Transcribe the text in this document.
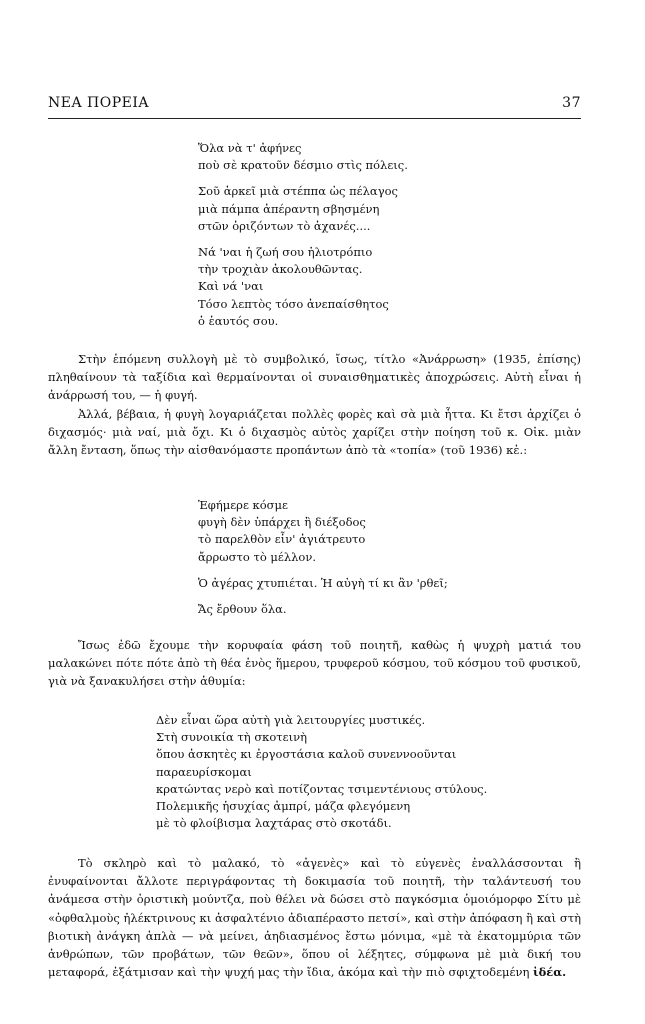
ΝΕΑ ΠΟΡΕΙΑ	37
Ὅλα νὰ τ' ἀφήνες
ποὺ σὲ κρατοῦν δέσμιο στὶς πόλεις.
Σοῦ ἀρκεῖ μιὰ στέππα ὡς πέλαγος
μιὰ πάμπα ἀπέραντη σβησμένη
στῶν ὁριζόντων τὸ ἀχανές....
Νά 'ναι ἡ ζωή σου ἡλιοτρόπιο
τὴν τροχιὰν ἀκολουθῶντας.
Καὶ νά 'ναι
Τόσο λεπτὸς τόσο ἀνεπαίσθητος
ὁ ἑαυτός σου.

Στὴν ἑπόμενη συλλογὴ μὲ τὸ συμβολικό, ἴσως, τίτλο «Ἀνάρρωση» (1935, ἐπίσης) πληθαίνουν τὰ ταξίδια καὶ θερμαίνονται οἱ συναισθηματικὲς ἀποχρώσεις. Αὐτὴ εἶναι ἡ ἀνάρρωσή του, — ἡ φυγή.

Ἀλλά, βέβαια, ἡ φυγὴ λογαριάζεται πολλὲς φορὲς καὶ σὰ μιὰ ἧττα. Κι ἔτσι ἀρχίζει ὁ διχασμός· μιὰ ναί, μιὰ ὄχι. Κι ὁ διχασμὸς αὐτὸς χαρίζει στὴν ποίηση τοῦ κ. Οἰκ. μιὰν ἄλλη ἔνταση, ὅπως τὴν αἰσθανόμαστε προπάντων ἀπὸ τὰ «τοπία» (τοῦ 1936) κἑ.:

Ἐφήμερε κόσμε
φυγὴ δὲν ὑπάρχει ἢ διέξοδος
τὸ παρελθὸν εἶν' ἀγιάτρευτο
ἄρρωστο τὸ μέλλον.
Ὁ ἀγέρας χτυπιέται. Ἡ αὐγὴ τί κι ἂν 'ρθεῖ;
Ἄς ἔρθουν ὅλα.

Ἴσως ἐδῶ ἔχουμε τὴν κορυφαία φάση τοῦ ποιητῆ, καθὼς ἡ ψυχρὴ ματιά του μαλακώνει πότε πότε ἀπὸ τὴ θέα ἑνὸς ἥμερου, τρυφεροῦ κόσμου, τοῦ κόσμου τοῦ φυσικοῦ, γιὰ νὰ ξανακυλήσει στὴν ἀθυμία:

Δὲν εἶναι ὥρα αὐτὴ γιὰ λειτουργίες μυστικές.
Στὴ συνοικία τὴ σκοτεινὴ
ὅπου ἀσκητὲς κι ἐργοστάσια καλοῦ συνεννοοῦνται
παραευρίσκομαι
κρατώντας νερὸ καὶ ποτίζοντας τσιμεντένιους στύλους.
Πολεμικῆς ἡσυχίας ἀμπρί, μάζα φλεγόμενη
μὲ τὸ φλοίβισμα λαχτάρας στὸ σκοτάδι.

Τὸ σκληρὸ καὶ τὸ μαλακό, τὸ «ἀγενὲς» καὶ τὸ εὐγενὲς ἐναλλάσσονται ἢ ἐνυφαίνονται ἄλλοτε περιγράφοντας τὴ δοκιμασία τοῦ ποιητῆ, τὴν ταλάντευσή του ἀνάμεσα στὴν ὁριστικὴ μούντζα, ποὺ θέλει νὰ δώσει στὸ παγκόσμια ὁμοιόμορφο Σίτυ μὲ «ὀφθαλμοὺς ἠλέκτρινους κι ἀσφαλτένιο ἀδιαπέραστο πετσί», καὶ στὴν ἀπόφαση ἢ καὶ στὴ βιοτικὴ ἀνάγκη ἁπλὰ — νὰ μείνει, ἀηδιασμένος ἔστω μόνιμα, «μὲ τὰ ἑκατομμύρια τῶν ἀνθρώπων, τῶν προβάτων, τῶν θεῶν», ὅπου οἱ λέξητες, σύμφωνα μὲ μιὰ δική του μεταφορά, ἐξάτμισαν καὶ τὴν ψυχή μας τὴν ἴδια, ἀκόμα καὶ τὴν πιὸ σφιχτοδεμένη ἰδέα.
